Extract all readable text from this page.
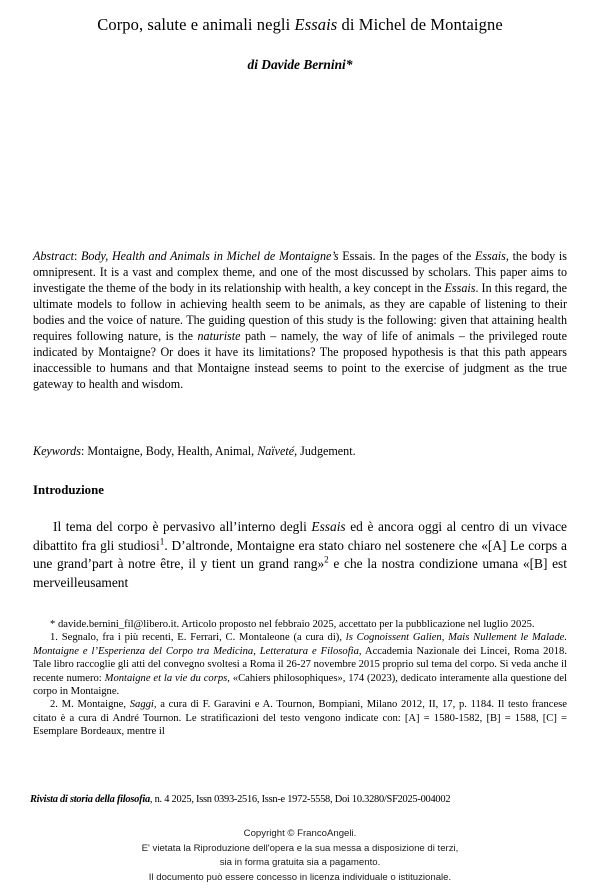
Corpo, salute e animali negli Essais di Michel de Montaigne

di Davide Bernini*

Abstract: Body, Health and Animals in Michel de Montaigne’s Essais. In the pages of the Essais, the body is omnipresent. It is a vast and complex theme, and one of the most discussed by scholars. This paper aims to investigate the theme of the body in its relationship with health, a key concept in the Essais. In this regard, the ultimate models to follow in achieving health seem to be animals, as they are capable of listening to their bodies and the voice of nature. The guiding question of this study is the following: given that attaining health requires following nature, is the naturiste path – namely, the way of life of animals – the privileged route indicated by Montaigne? Or does it have its limitations? The proposed hypothesis is that this path appears inaccessible to humans and that Montaigne instead seems to point to the exercise of judgment as the true gateway to health and wisdom.
Keywords: Montaigne, Body, Health, Animal, Naïveté, Judgement.
Introduzione
Il tema del corpo è pervasivo all’interno degli Essais ed è ancora oggi al centro di un vivace dibattito fra gli studiosi$^1$. D’altronde, Montaigne era stato chiaro nel sostenere che «[A] Le corps a une grand’part à notre être, il y tient un grand rang»$^2$ e che la nostra condizione umana «[B] est merveilleusament

* davide.bernini_fil@libero.it. Articolo proposto nel febbraio 2025, accettato per la pubblicazione nel luglio 2025.

1. Segnalo, fra i più recenti, E. Ferrari, C. Montaleone (a cura di), ls Cognoissent Galien, Mais Nullement le Malade. Montaigne e l’Esperienza del Corpo tra Medicina, Letteratura e Filosofia, Accademia Nazionale dei Lincei, Roma 2018. Tale libro raccoglie gli atti del convegno svoltesi a Roma il 26-27 novembre 2015 proprio sul tema del corpo. Si veda anche il recente numero: Montaigne et la vie du corps, «Cahiers philosophiques», 174 (2023), dedicato interamente alla questione del corpo in Montaigne.

2. M. Montaigne, Saggi, a cura di F. Garavini e A. Tournon, Bompiani, Milano 2012, II, 17, p. 1184. Il testo francese citato è a cura di André Tournon. Le stratificazioni del testo vengono indicate con: [A] = 1580-1582, [B] = 1588, [C] = Esemplare Bordeaux, mentre il

Rivista di storia della filosofia, n. 4 2025, Issn 0393-2516, Issn-e 1972-5558, Doi 10.3280/SF2025-004002
Copyright © FrancoAngeli.
E' vietata la Riproduzione dell'opera e la sua messa a disposizione di terzi,
sia in forma gratuita sia a pagamento.
Il documento può essere concesso in licenza individuale o istituzionale.
